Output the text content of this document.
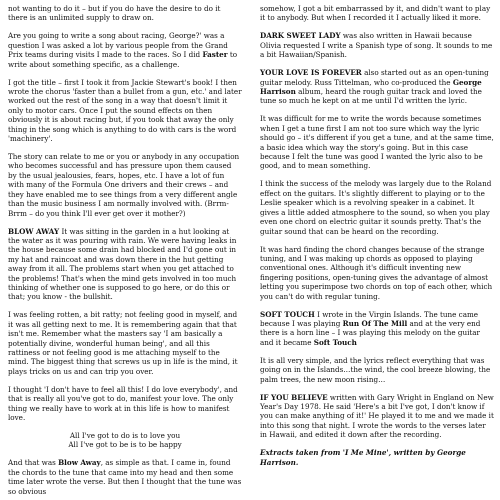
not wanting to do it – but if you do have the desire to do it there is an unlimited supply to draw on.

Are you going to write a song about racing, George?' was a question I was asked a lot by various people from the Grand Prix teams during visits I made to the races. So I did Faster to write about something specific, as a challenge.

I got the title – first I took it from Jackie Stewart's book! I then wrote the chorus 'faster than a bullet from a gun, etc.' and later worked out the rest of the song in a way that doesn't limit it only to motor cars. Once I put the sound effects on then obviously it is about racing but, if you took that away the only thing in the song which is anything to do with cars is the word 'machinery'.

The story can relate to me or you or anybody in any occupation who becomes successful and has pressure upon them caused by the usual jealousies, fears, hopes, etc. I have a lot of fun with many of the Formula One drivers and their crews – and they have enabled me to see things from a very different angle than the music business I am normally involved with. (Brrm-Brrm – do you think I'll ever get over it mother?)

BLOW AWAY It was sitting in the garden in a hut looking at the water as it was pouring with rain. We were having leaks in the house because some drain had blocked and I'd gone out in my hat and raincoat and was down there in the hut getting away from it all. The problems start when you get attached to the problems! That's when the mind gets involved in too much thinking of whether one is supposed to go here, or do this or that; you know - the bullshit.

I was feeling rotten, a bit ratty; not feeling good in myself, and it was all getting next to me. It is remembering again that that isn't me. Remember what the masters say 'I am basically a potentially divine, wonderful human being', and all this rattiness or not feeling good is me attaching myself to the mind. The biggest thing that screws us up in life is the mind, it plays tricks on us and can trip you over.

I thought 'I don't have to feel all this! I do love everybody', and that is really all you've got to do, manifest your love. The only thing we really have to work at in this life is how to manifest love.

All I've got to do is to love you
All I've got to be is to be happy

And that was Blow Away, as simple as that. I came in, found the chords to the tune that came into my head and then some time later wrote the verse. But then I thought that the tune was so obvious

somehow, I got a bit embarrassed by it, and didn't want to play it to anybody. But when I recorded it I actually liked it more.

DARK SWEET LADY was also written in Hawaii because Olivia requested I write a Spanish type of song. It sounds to me a bit Hawaiian/Spanish.

YOUR LOVE IS FOREVER also started out as an open-tuning guitar melody. Russ Tittelman, who co-produced the George Harrison album, heard the rough guitar track and loved the tune so much he kept on at me until I'd written the lyric.

It was difficult for me to write the words because sometimes when I get a tune first I am not too sure which way the lyric should go – it's different if you get a tune, and at the same time, a basic idea which way the story's going. But in this case because I felt the tune was good I wanted the lyric also to be good, and to mean something.

I think the success of the melody was largely due to the Roland effect on the guitars. It's slightly different to playing or to the Leslie speaker which is a revolving speaker in a cabinet. It gives a little added atmosphere to the sound, so when you play even one chord on electric guitar it sounds pretty. That's the guitar sound that can be heard on the recording.

It was hard finding the chord changes because of the strange tuning, and I was making up chords as opposed to playing conventional ones. Although it's difficult inventing new fingering positions, open-tuning gives the advantage of almost letting you superimpose two chords on top of each other, which you can't do with regular tuning.

SOFT TOUCH I wrote in the Virgin Islands. The tune came because I was playing Run Of The Mill and at the very end there is a horn line – I was playing this melody on the guitar and it became Soft Touch

It is all very simple, and the lyrics reflect everything that was going on in the Islands…the wind, the cool breeze blowing, the palm trees, the new moon rising…

IF YOU BELIEVE written with Gary Wright in England on New Year's Day 1978. He said 'Here's a bit I've got, I don't know if you can make anything of it!' He played it to me and we made it into this song that night. I wrote the words to the verses later in Hawaii, and edited it down after the recording.

Extracts taken from 'I Me Mine', written by George Harrison.
